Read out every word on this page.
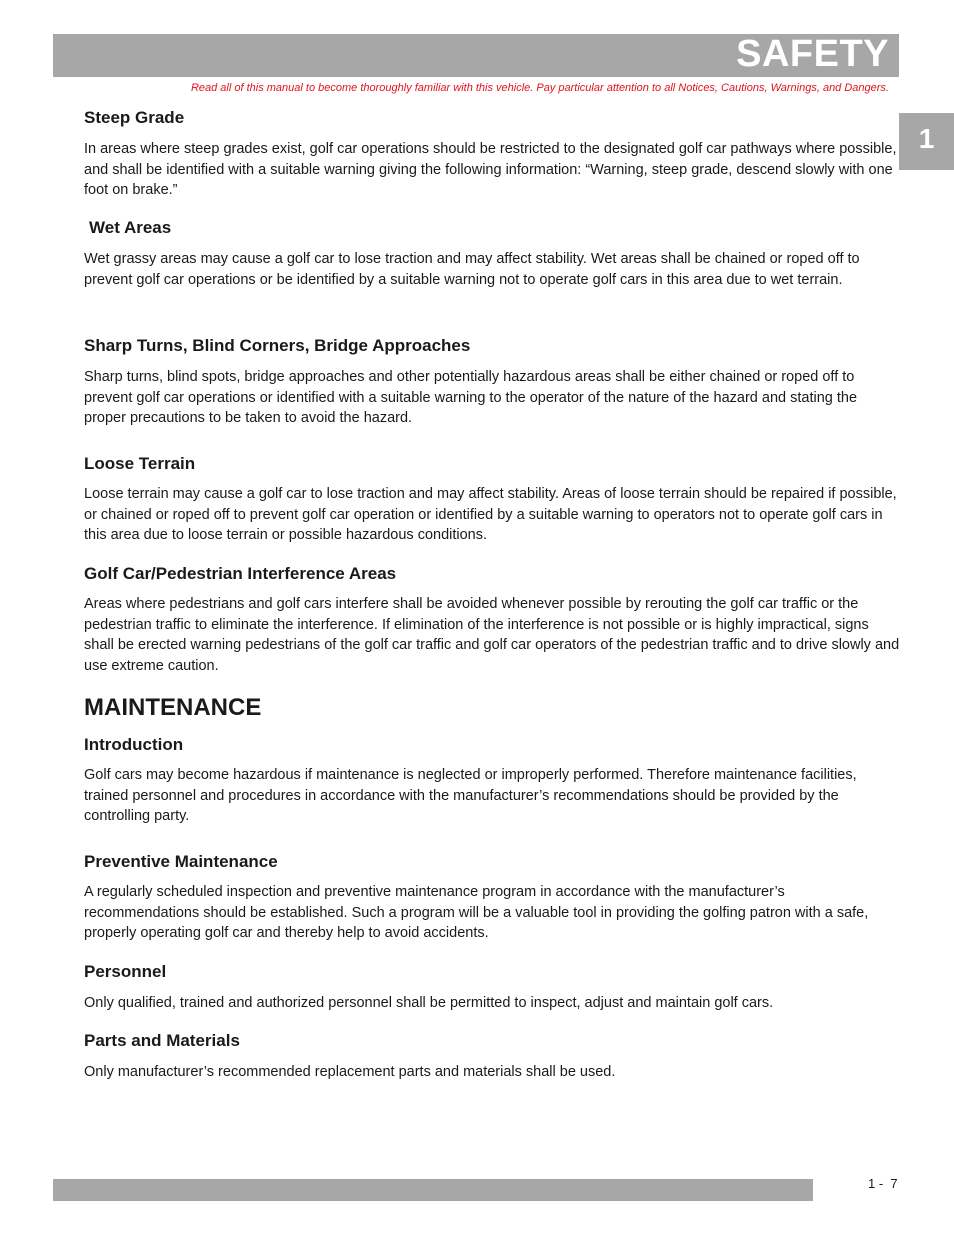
SAFETY
Read all of this manual to become thoroughly familiar with this vehicle. Pay particular attention to all Notices, Cautions, Warnings, and Dangers.
1
Steep Grade
In areas where steep grades exist, golf car operations should be restricted to the designated golf car pathways where possible, and shall be identified with a suitable warning giving the following information: “Warning, steep grade, descend slowly with one foot on brake.”
Wet Areas
Wet grassy areas may cause a golf car to lose traction and may affect stability. Wet areas shall be chained or roped off to prevent golf car operations or be identified by a suitable warning not to operate golf cars in this area due to wet terrain.
Sharp Turns, Blind Corners, Bridge Approaches
Sharp turns, blind spots, bridge approaches and other potentially hazardous areas shall be either chained or roped off to prevent golf car operations or identified with a suitable warning to the operator of the nature of the hazard and stating the proper precautions to be taken to avoid the hazard.
Loose Terrain
Loose terrain may cause a golf car to lose traction and may affect stability. Areas of loose terrain should be repaired if possible, or chained or roped off to prevent golf car operation or identified by a suitable warning to operators not to operate golf cars in this area due to loose terrain or possible hazardous conditions.
Golf Car/Pedestrian Interference Areas
Areas where pedestrians and golf cars interfere shall be avoided whenever possible by rerouting the golf car traffic or the pedestrian traffic to eliminate the interference. If elimination of the interference is not possible or is highly impractical, signs shall be erected warning pedestrians of the golf car traffic and golf car operators of the pedestrian traffic and to drive slowly and use extreme caution.
MAINTENANCE
Introduction
Golf cars may become hazardous if maintenance is neglected or improperly performed. Therefore maintenance facilities, trained personnel and procedures in accordance with the manufacturer’s recommendations should be provided by the controlling party.
Preventive Maintenance
A regularly scheduled inspection and preventive maintenance program in accordance with the manufacturer’s recommendations should be established. Such a program will be a valuable tool in providing the golfing patron with a safe, properly operating golf car and thereby help to avoid accidents.
Personnel
Only qualified, trained and authorized personnel shall be permitted to inspect, adjust and maintain golf cars.
Parts and Materials
Only manufacturer’s recommended replacement parts and materials shall be used.
1 -  7
